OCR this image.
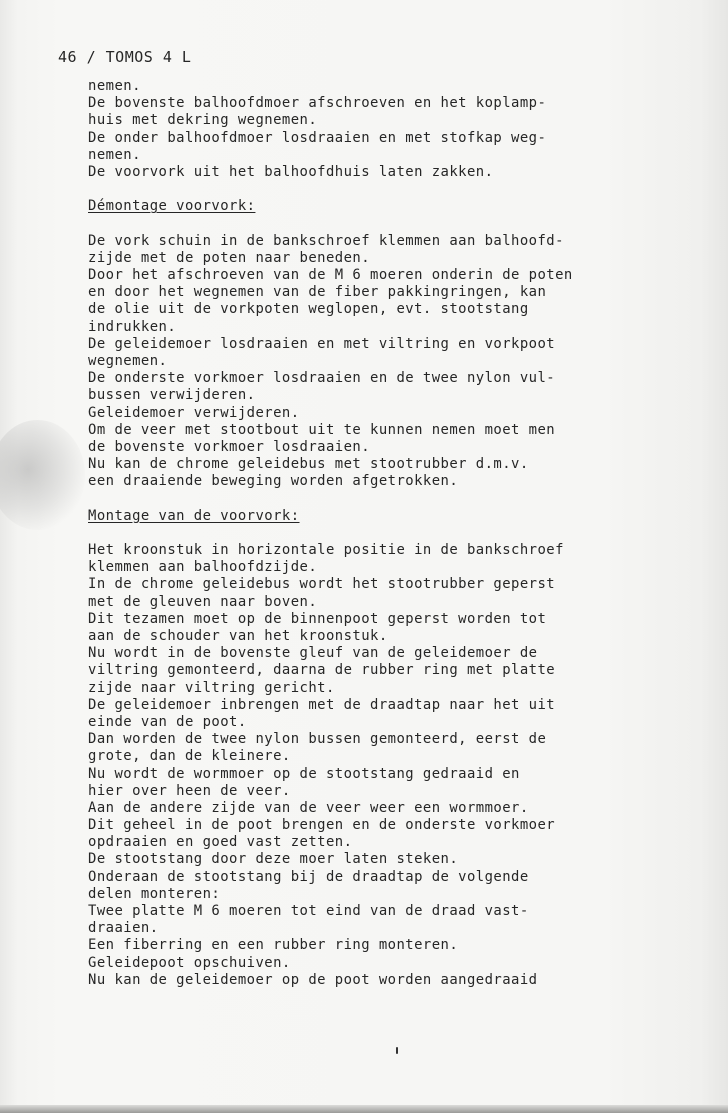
46 / TOMOS 4 L
nemen.
De bovenste balhoofdmoer afschroeven en het koplamp-
huis met dekring wegnemen.
De onder balhoofdmoer losdraaien en met stofkap weg-
nemen.
De voorvork uit het balhoofdhuis laten zakken.
Démontage voorvork:
De vork schuin in de bankschroef klemmen aan balhoofd-
zijde met de poten naar beneden.
Door het afschroeven van de M 6 moeren onderin de poten
en door het wegnemen van de fiber pakkingringen, kan
de olie uit de vorkpoten weglopen, evt. stootstang
indrukken.
De geleidemoer losdraaien en met viltring en vorkpoot
wegnemen.
De onderste vorkmoer losdraaien en de twee nylon vul-
bussen verwijderen.
Geleidemoer verwijderen.
Om de veer met stootbout uit te kunnen nemen moet men
de bovenste vorkmoer losdraaien.
Nu kan de chrome geleidebus met stootrubber d.m.v.
een draaiende beweging worden afgetrokken.
Montage van de voorvork:
Het kroonstuk in horizontale positie in de bankschroef
klemmen aan balhoofdzijde.
In de chrome geleidebus wordt het stootrubber geperst
met de gleuven naar boven.
Dit tezamen moet op de binnenpoot geperst worden tot
aan de schouder van het kroonstuk.
Nu wordt in de bovenste gleuf van de geleidemoer de
viltring gemonteerd, daarna de rubber ring met platte
zijde naar viltring gericht.
De geleidemoer inbrengen met de draadtap naar het uit
einde van de poot.
Dan worden de twee nylon bussen gemonteerd, eerst de
grote, dan de kleinere.
Nu wordt de wormmoer op de stootstang gedraaid en
hier over heen de veer.
Aan de andere zijde van de veer weer een wormmoer.
Dit geheel in de poot brengen en de onderste vorkmoer
opdraaien en goed vast zetten.
De stootstang door deze moer laten steken.
Onderaan de stootstang bij de draadtap de volgende
delen monteren:
Twee platte M 6 moeren tot eind van de draad vast-
draaien.
Een fiberring en een rubber ring monteren.
Geleidepoot opschuiven.
Nu kan de geleidemoer op de poot worden aangedraaid
